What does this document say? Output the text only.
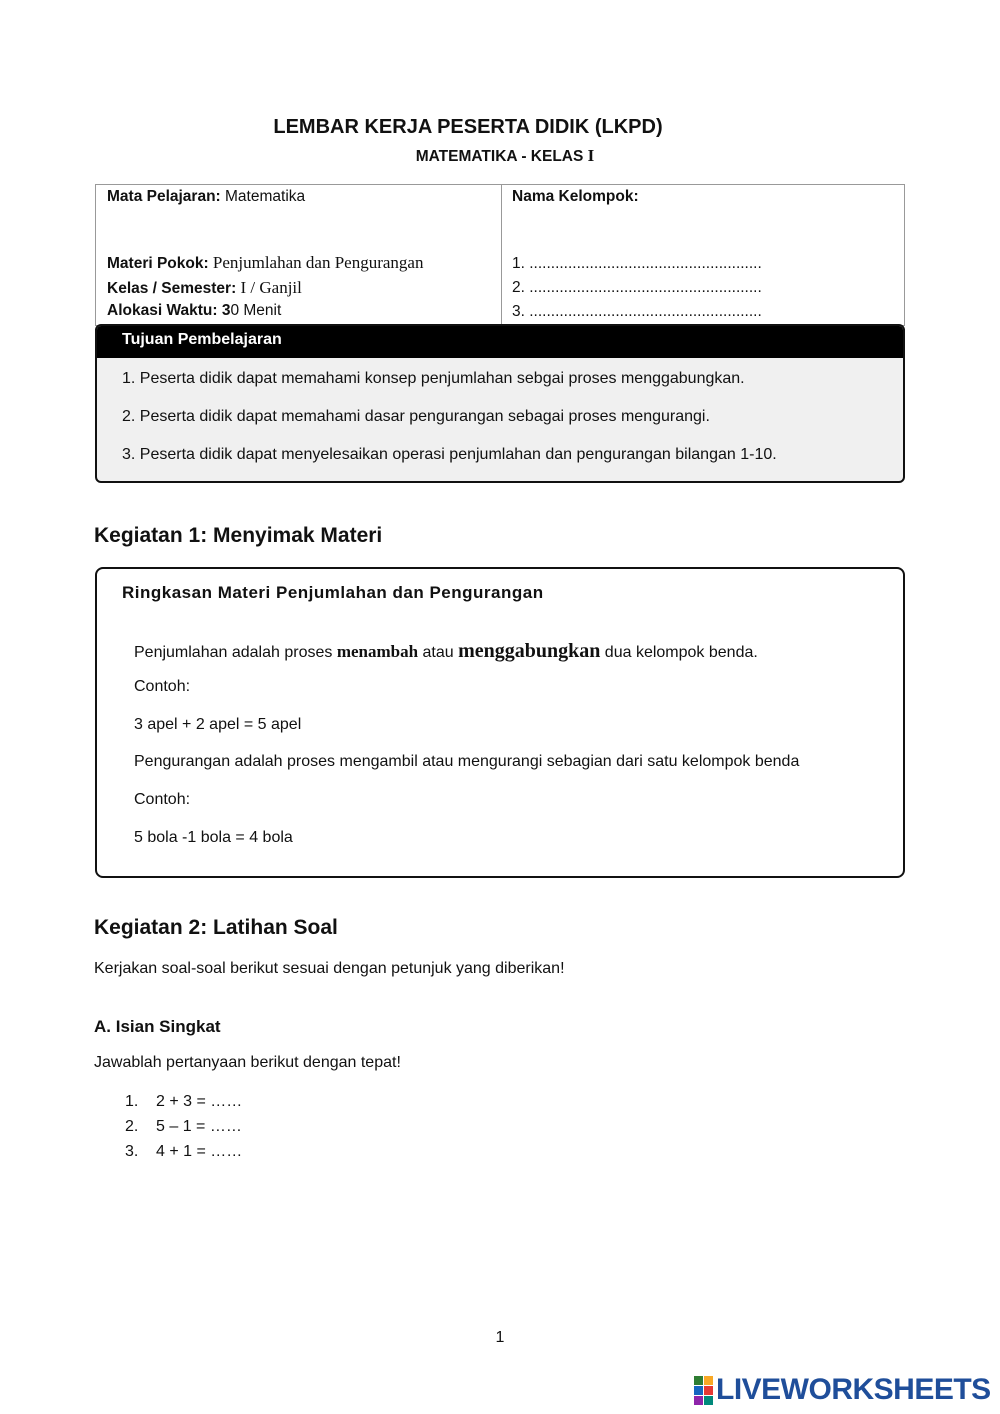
LEMBAR KERJA PESERTA DIDIK (LKPD)
MATEMATIKA - KELAS I
Mata Pelajaran: Matematika
Materi Pokok: Penjumlahan dan Pengurangan
Kelas / Semester: I / Ganjil
Alokasi Waktu: 30 Menit
Nama Kelompok:
1. ......................................................
2. ......................................................
3. ......................................................
Tujuan Pembelajaran
1. Peserta didik dapat memahami konsep penjumlahan sebgai proses menggabungkan.
2. Peserta didik dapat memahami dasar pengurangan sebagai proses mengurangi.
3. Peserta didik dapat menyelesaikan operasi penjumlahan dan pengurangan bilangan 1-10.
Kegiatan 1: Menyimak Materi
Ringkasan Materi Penjumlahan dan Pengurangan
Penjumlahan adalah proses menambah atau menggabungkan dua kelompok benda.
Contoh:
3 apel + 2 apel = 5 apel
Pengurangan adalah proses mengambil atau mengurangi sebagian dari satu kelompok benda
Contoh:
5 bola -1 bola = 4 bola
Kegiatan 2: Latihan Soal
Kerjakan soal-soal berikut sesuai dengan petunjuk yang diberikan!
A. Isian Singkat
Jawablah pertanyaan berikut dengan tepat!
1. 2 + 3 = ……
2. 5 – 1 = ……
3. 4 + 1 = ……
1
LIVEWORKSHEETS
